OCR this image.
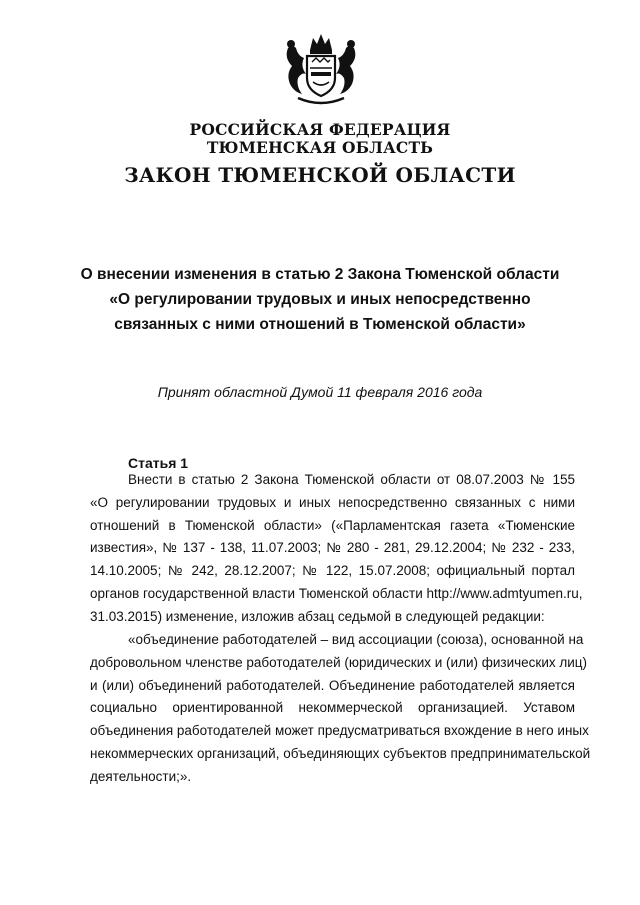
РОССИЙСКАЯ ФЕДЕРАЦИЯ
ТЮМЕНСКАЯ ОБЛАСТЬ
ЗАКОН ТЮМЕНСКОЙ ОБЛАСТИ
О внесении изменения в статью 2 Закона Тюменской области
«О регулировании трудовых и иных непосредственно
связанных с ними отношений в Тюменской области»
Принят областной Думой 11 февраля 2016 года
Статья 1
Внести в статью 2 Закона Тюменской области от 08.07.2003 № 155
«О регулировании трудовых и иных непосредственно связанных с ними
отношений в Тюменской области» («Парламентская газета «Тюменские
известия», № 137 - 138, 11.07.2003; № 280 - 281, 29.12.2004; № 232 - 233,
14.10.2005; № 242, 28.12.2007; № 122, 15.07.2008; официальный портал
органов государственной власти Тюменской области http://www.admtyumen.ru,
31.03.2015) изменение, изложив абзац седьмой в следующей редакции:
«объединение работодателей – вид ассоциации (союза), основанной на
добровольном членстве работодателей (юридических и (или) физических лиц)
и (или) объединений работодателей. Объединение работодателей является
социально ориентированной некоммерческой организацией. Уставом
объединения работодателей может предусматриваться вхождение в него иных
некоммерческих организаций, объединяющих субъектов предпринимательской
деятельности;».
